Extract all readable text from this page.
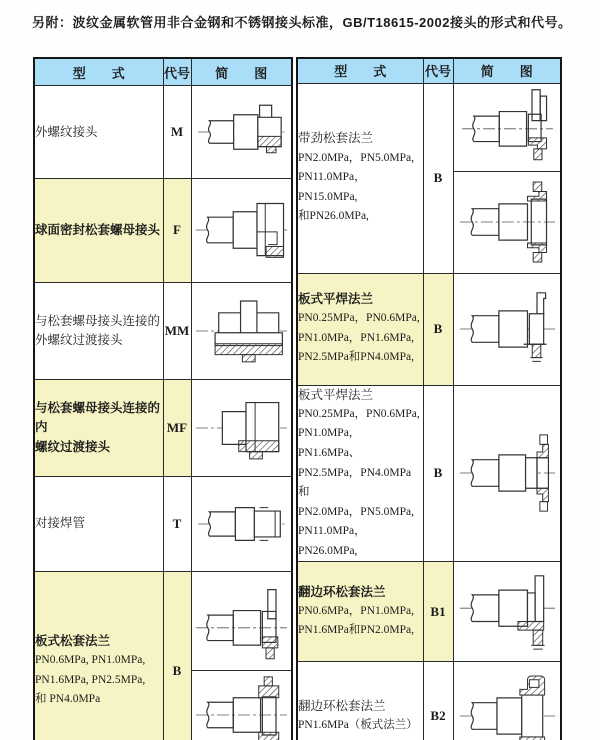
另附：波纹金属软管用非合金钢和不锈钢接头标准，GB/T18615-2002接头的形式和代号。
型　　式	代号	简　　图

外螺纹接头	M	

球面密封松套螺母接头	F	

与松套螺母接头连接的
外螺纹过渡接头	MM	

与松套螺母接头连接的内
螺纹过渡接头	MF	

对接焊管	T	

板式松套法兰
PN0.6MPa, PN1.0MPa,
PN1.6MPa, PN2.5MPa,
和 PN4.0MPa	B	
型　　式	代号	简　　图

带劲松套法兰
PN2.0MPa，PN5.0MPa,
PN11.0MPa，PN15.0MPa,
和PN26.0MPa,	B	

板式平焊法兰
PN0.25MPa，PN0.6MPa,
PN1.0MPa，PN1.6MPa,
PN2.5MPa和PN4.0MPa,	B	

板式平焊法兰
PN0.25MPa，PN0.6MPa,
PN1.0MPa，PN1.6MPa、
PN2.5MPa，PN4.0MPa和
PN2.0MPa，PN5.0MPa,
PN11.0MPa，PN26.0MPa,
	B	

翻边环松套法兰
PN0.6MPa，PN1.0MPa,
PN1.6MPa和PN2.0MPa,	B1	

翻边环松套法兰
PN1.6MPa（板式法兰）	B2	
